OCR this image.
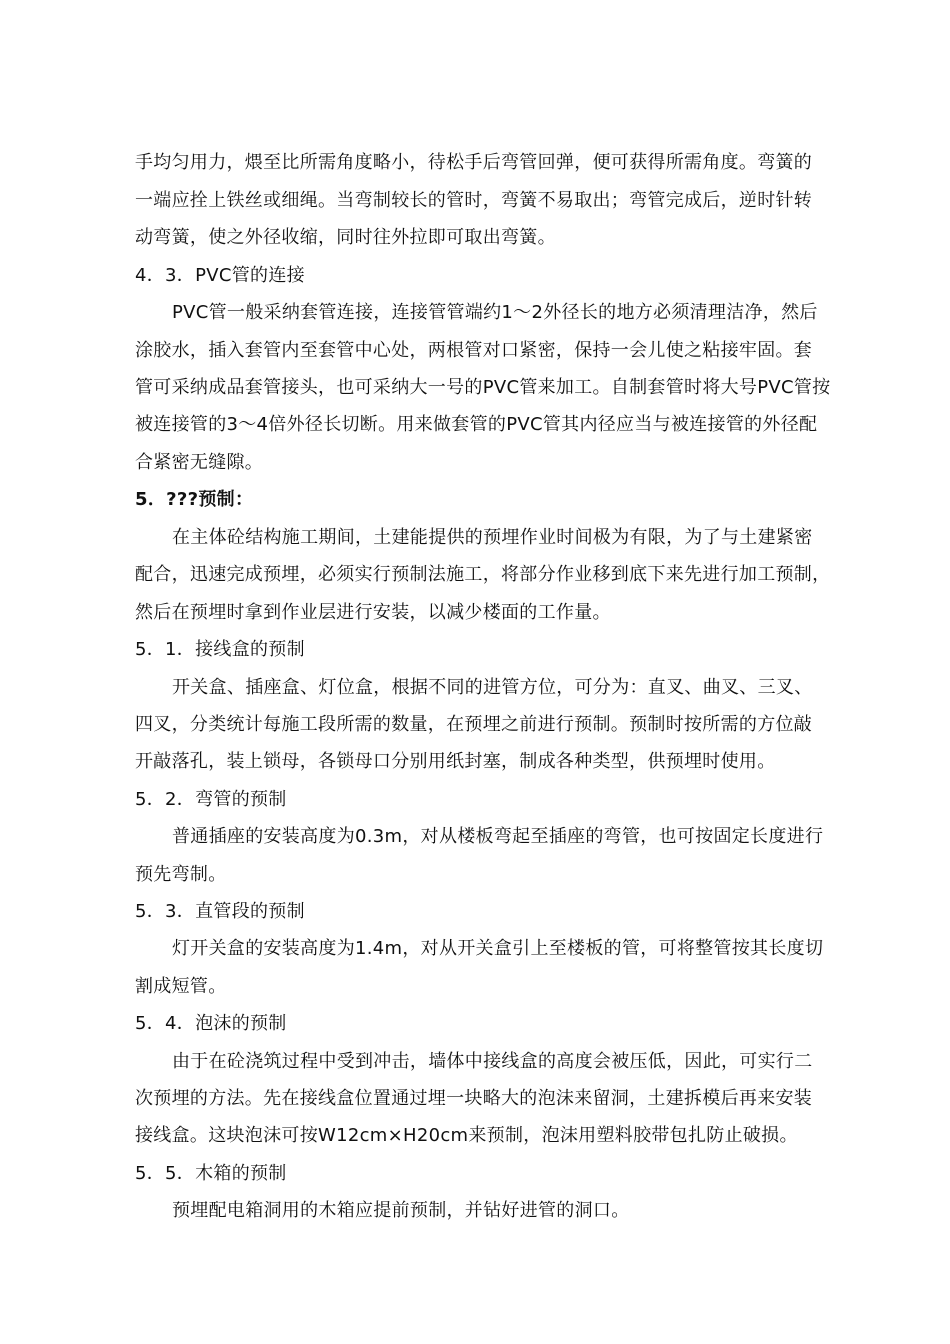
手均匀用力，煨至比所需角度略小，待松手后弯管回弹，便可获得所需角度。弯簧的
一端应拴上铁丝或细绳。当弯制较长的管时，弯簧不易取出；弯管完成后，逆时针转
动弯簧，使之外径收缩，同时往外拉即可取出弯簧。
4．3．PVC管的连接
PVC管一般采纳套管连接，连接管管端约1～2外径长的地方必须清理洁净，然后
涂胶水，插入套管内至套管中心处，两根管对口紧密，保持一会儿使之粘接牢固。套
管可采纳成品套管接头，也可采纳大一号的PVC管来加工。自制套管时将大号PVC管按
被连接管的3～4倍外径长切断。用来做套管的PVC管其内径应当与被连接管的外径配
合紧密无缝隙。
5．???预制：
在主体砼结构施工期间，土建能提供的预埋作业时间极为有限，为了与土建紧密
配合，迅速完成预埋，必须实行预制法施工，将部分作业移到底下来先进行加工预制，
然后在预埋时拿到作业层进行安装，以减少楼面的工作量。
5．1．接线盒的预制
开关盒、插座盒、灯位盒，根据不同的进管方位，可分为：直叉、曲叉、三叉、
四叉，分类统计每施工段所需的数量，在预埋之前进行预制。预制时按所需的方位敲
开敲落孔，装上锁母，各锁母口分别用纸封塞，制成各种类型，供预埋时使用。
5．2．弯管的预制
普通插座的安装高度为0.3m，对从楼板弯起至插座的弯管，也可按固定长度进行
预先弯制。
5．3．直管段的预制
灯开关盒的安装高度为1.4m，对从开关盒引上至楼板的管，可将整管按其长度切
割成短管。
5．4．泡沫的预制
由于在砼浇筑过程中受到冲击，墙体中接线盒的高度会被压低，因此，可实行二
次预埋的方法。先在接线盒位置通过埋一块略大的泡沫来留洞，土建拆模后再来安装
接线盒。这块泡沫可按W12cm×H20cm来预制，泡沫用塑料胶带包扎防止破损。
5．5．木箱的预制
预埋配电箱洞用的木箱应提前预制，并钻好进管的洞口。
